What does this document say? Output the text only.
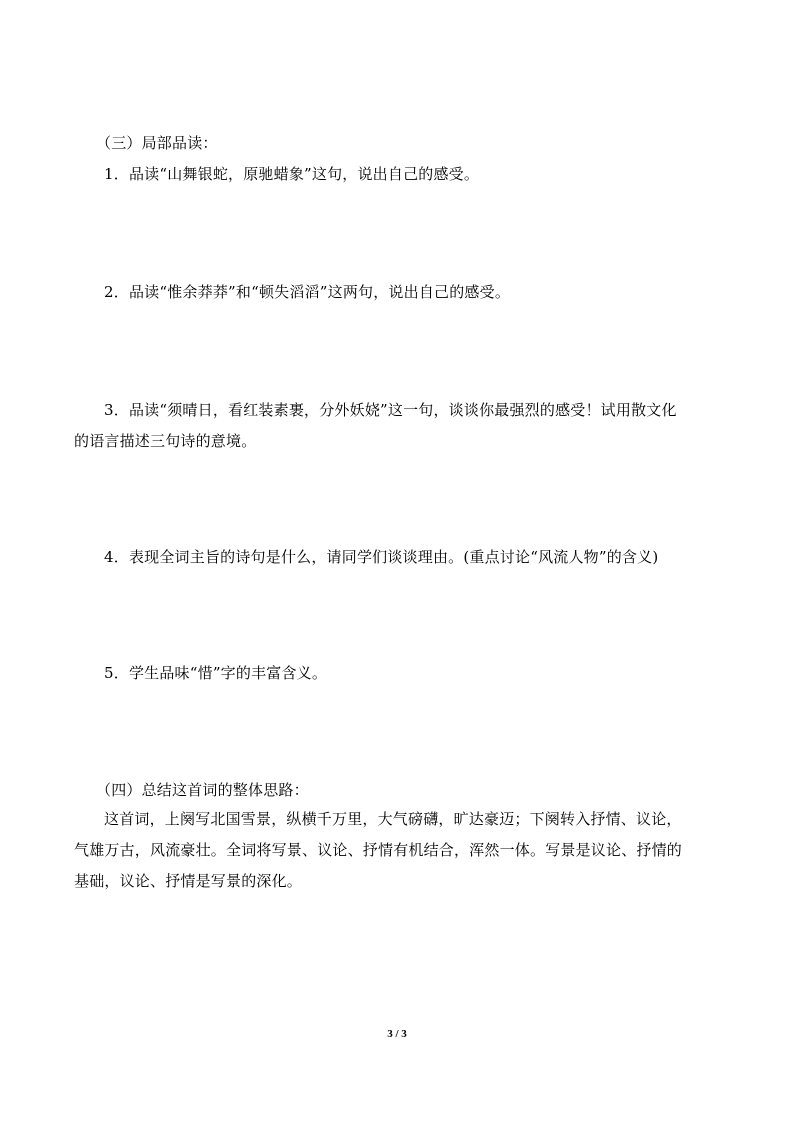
（三）局部品读：
1．品读“山舞银蛇，原驰蜡象”这句，说出自己的感受。
2．品读“惟余莽莽”和“顿失滔滔”这两句，说出自己的感受。
3．品读“须晴日，看红装素裹，分外妖娆”这一句，谈谈你最强烈的感受！试用散文化
的语言描述三句诗的意境。
4．表现全词主旨的诗句是什么，请同学们谈谈理由。(重点讨论“风流人物”的含义)
5．学生品味“惜”字的丰富含义。
（四）总结这首词的整体思路：
这首词，上阕写北国雪景，纵横千万里，大气磅礴，旷达豪迈；下阕转入抒情、议论，
气雄万古，风流豪壮。全词将写景、议论、抒情有机结合，浑然一体。写景是议论、抒情的
基础，议论、抒情是写景的深化。
3 / 3
